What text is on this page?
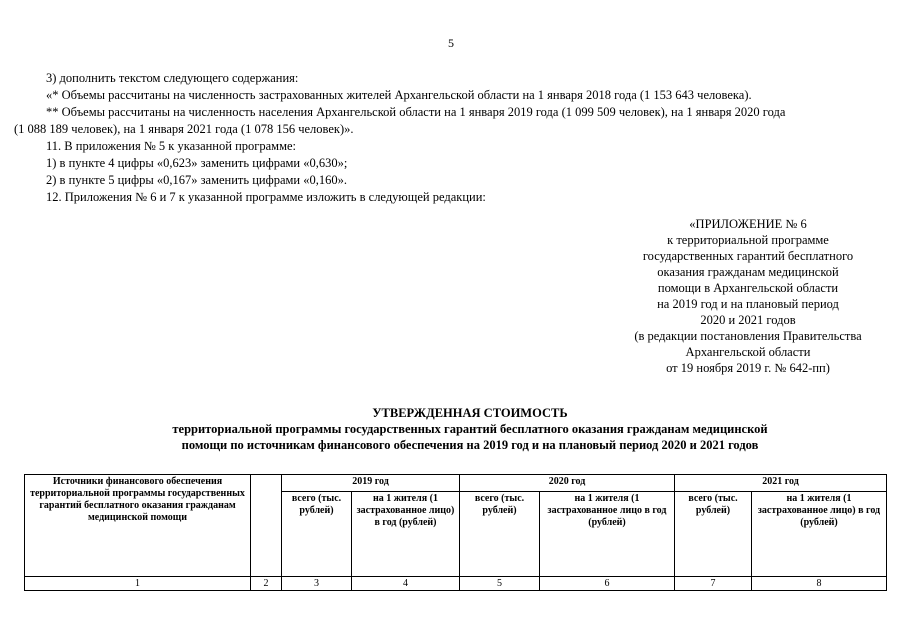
5
3) дополнить текстом следующего содержания:
«* Объемы рассчитаны на численность застрахованных жителей Архангельской области на 1 января 2018 года (1 153 643 человека).
** Объемы рассчитаны на численность населения Архангельской области на 1 января 2019 года (1 099 509 человек), на 1 января 2020 года
(1 088 189 человек), на 1 января 2021 года (1 078 156 человек)».
11. В приложения № 5 к указанной программе:
1) в пункте 4 цифры «0,623» заменить цифрами «0,630»;
2) в пункте 5 цифры «0,167» заменить цифрами «0,160».
12. Приложения № 6 и 7 к указанной программе изложить в следующей редакции:
«ПРИЛОЖЕНИЕ № 6
к территориальной программе
государственных гарантий бесплатного
оказания гражданам медицинской
помощи в Архангельской области
на 2019 год и на плановый период
2020 и 2021 годов
(в редакции постановления Правительства
Архангельской области
от 19 ноября 2019 г. № 642-пп)
УТВЕРЖДЕННАЯ СТОИМОСТЬ
территориальной программы государственных гарантий бесплатного оказания гражданам медицинской
помощи по источникам финансового обеспечения на 2019 год и на плановый период 2020 и 2021 годов
Источники финансового обеспечения территориальной программы государственных гарантий бесплатного оказания гражданам медицинской помощи		2019 год		2020 год		2021 год	
		всего (тыс. рублей)	на 1 жителя (1 застрахованное лицо) в год (рублей)	всего (тыс. рублей)	на 1 жителя (1 застрахованное лицо в год (рублей)	всего (тыс. рублей)	на 1 жителя (1 застрахованное лицо) в год (рублей)
1	2	3	4	5	6	7	8
